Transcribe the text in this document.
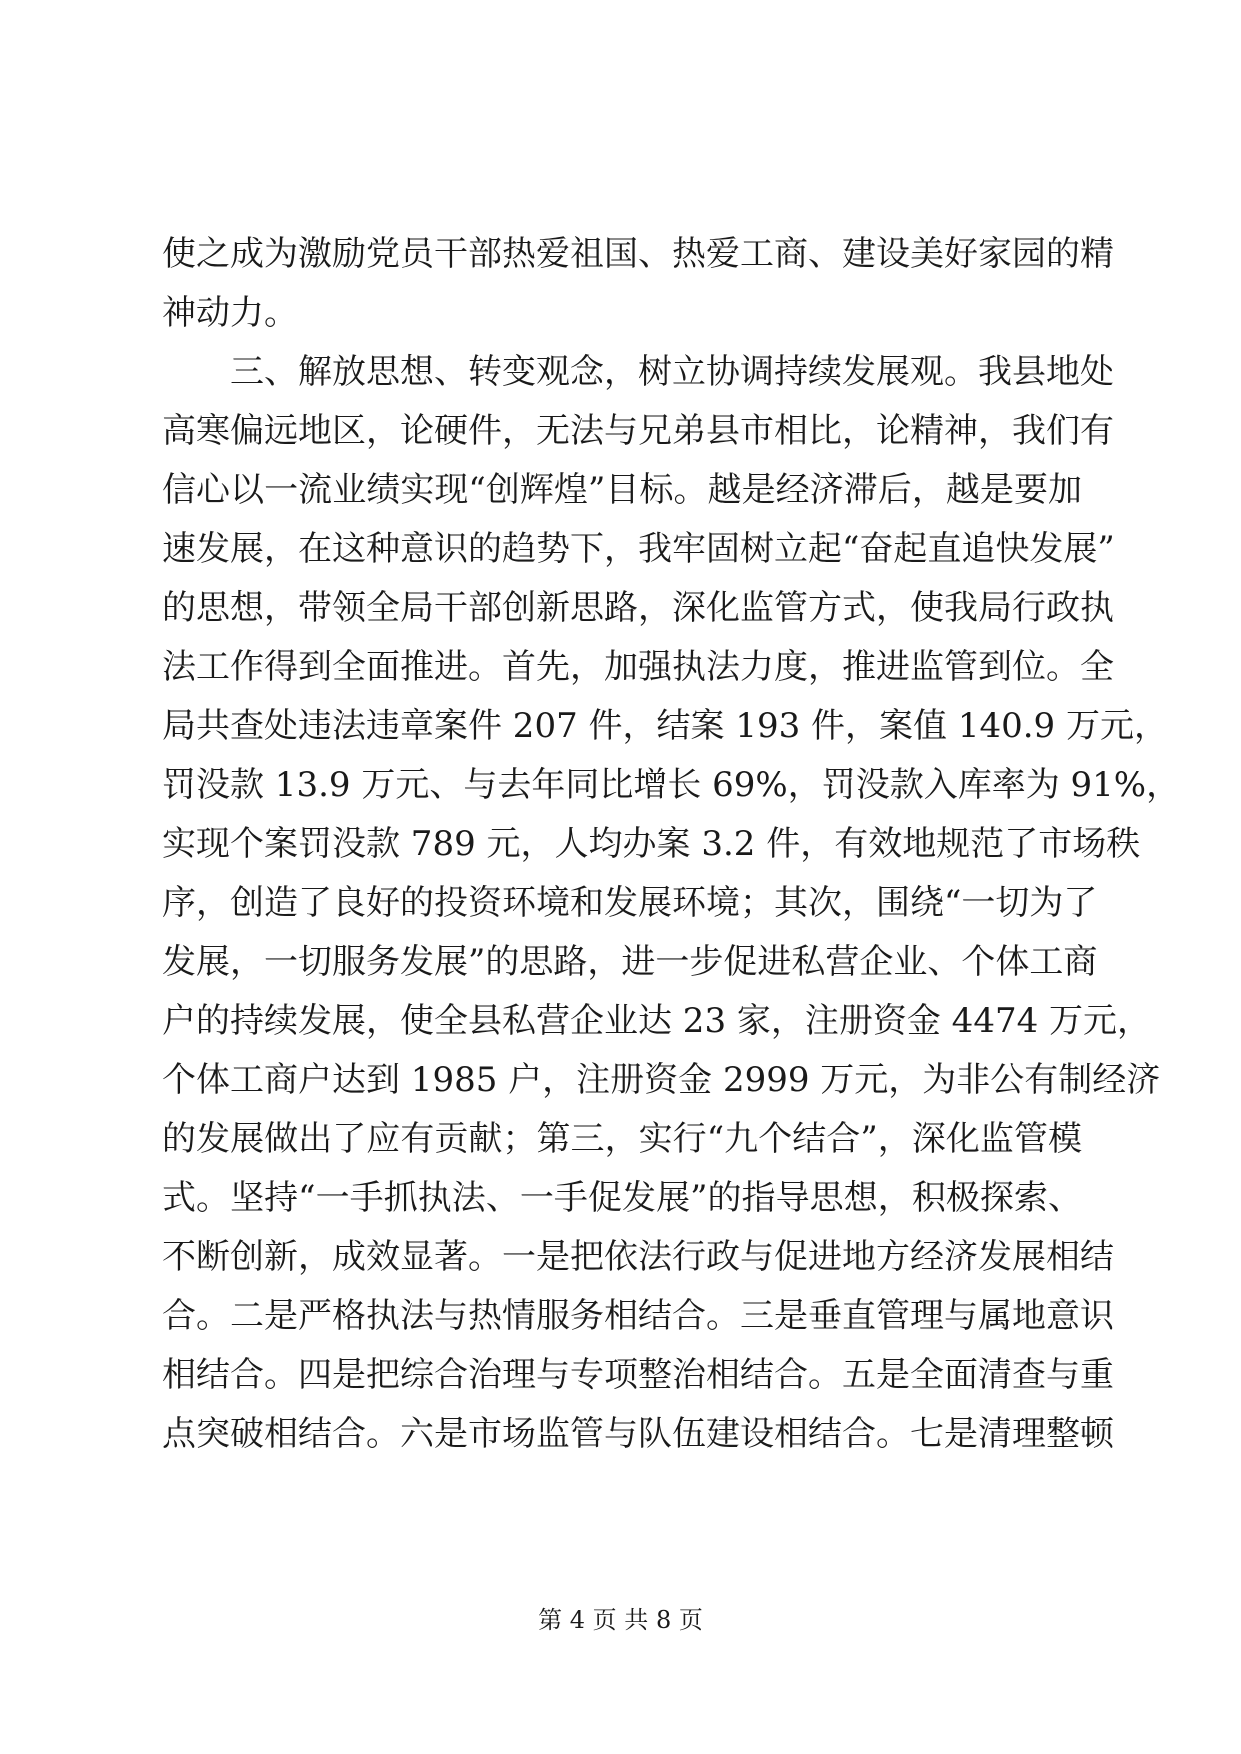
使之成为激励党员干部热爱祖国、热爱工商、建设美好家园的精
神动力。
三、解放思想、转变观念，树立协调持续发展观。我县地处
高寒偏远地区，论硬件，无法与兄弟县市相比，论精神，我们有
信心以一流业绩实现“创辉煌”目标。越是经济滞后，越是要加
速发展，在这种意识的趋势下，我牢固树立起“奋起直追快发展”
的思想，带领全局干部创新思路，深化监管方式，使我局行政执
法工作得到全面推进。首先，加强执法力度，推进监管到位。全
局共查处违法违章案件 207 件，结案 193 件，案值 140.9 万元，
罚没款 13.9 万元、与去年同比增长 69%，罚没款入库率为 91%，
实现个案罚没款 789 元，人均办案 3.2 件，有效地规范了市场秩
序，创造了良好的投资环境和发展环境；其次，围绕“一切为了
发展，一切服务发展”的思路，进一步促进私营企业、个体工商
户的持续发展，使全县私营企业达 23 家，注册资金 4474 万元，
个体工商户达到 1985 户，注册资金 2999 万元，为非公有制经济
的发展做出了应有贡献；第三，实行“九个结合”，深化监管模
式。坚持“一手抓执法、一手促发展”的指导思想，积极探索、
不断创新，成效显著。一是把依法行政与促进地方经济发展相结
合。二是严格执法与热情服务相结合。三是垂直管理与属地意识
相结合。四是把综合治理与专项整治相结合。五是全面清查与重
点突破相结合。六是市场监管与队伍建设相结合。七是清理整顿
第 4 页 共 8 页
